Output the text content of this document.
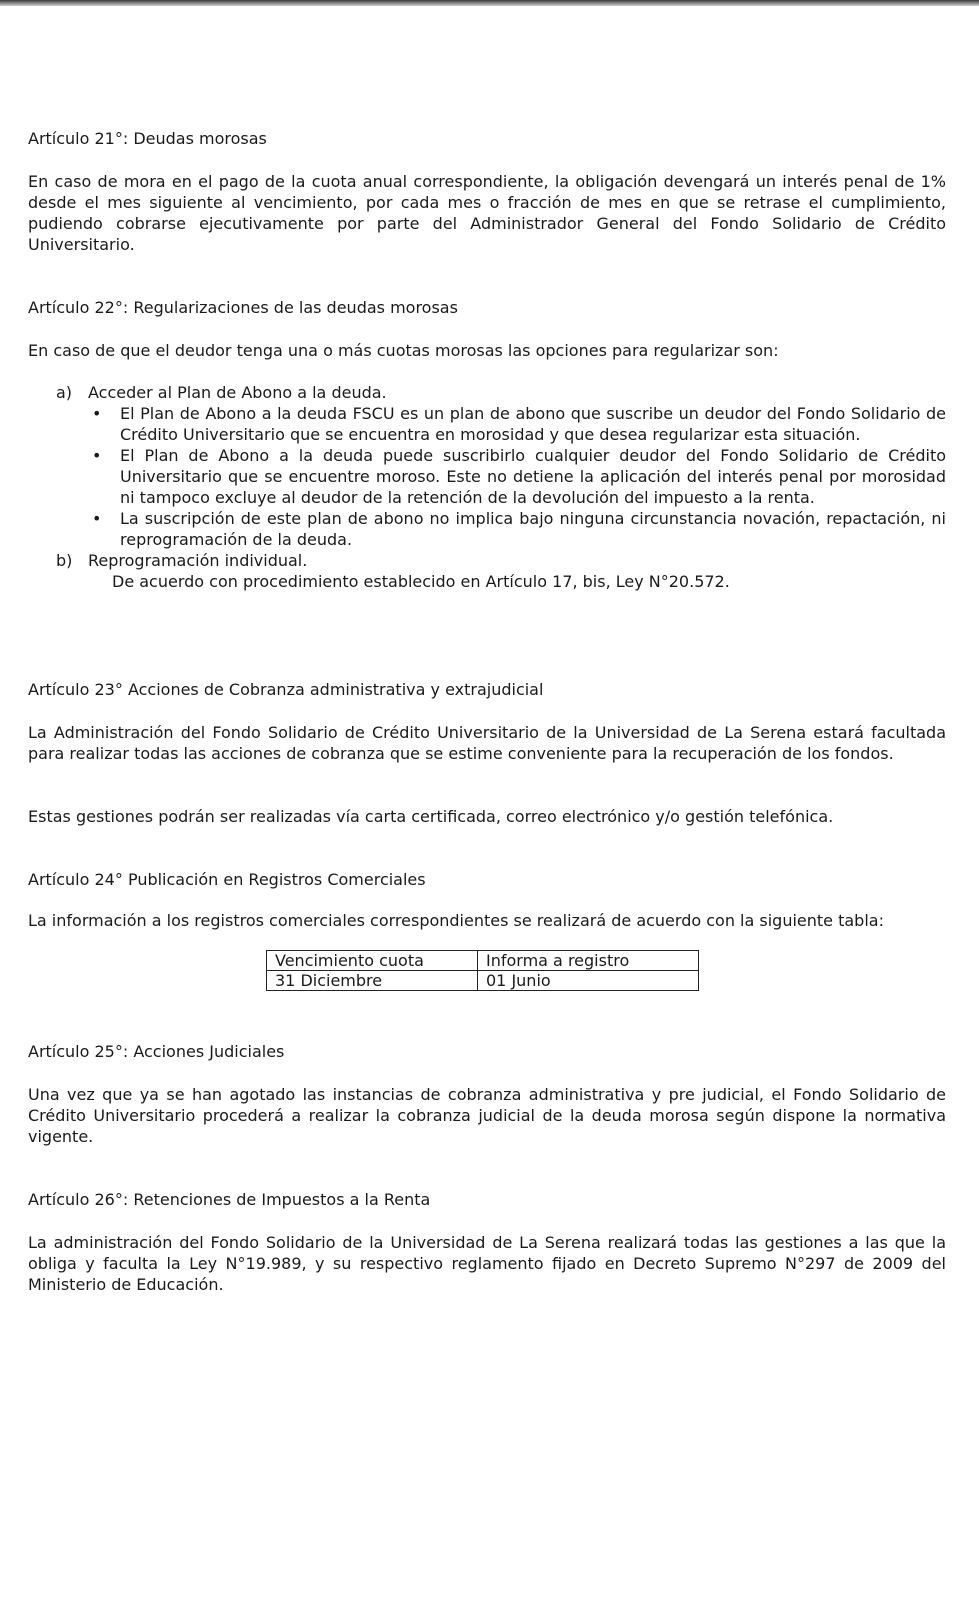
Artículo 21°: Deudas morosas
En caso de mora en el pago de la cuota anual correspondiente, la obligación devengará un interés penal de 1% desde el mes siguiente al vencimiento, por cada mes o fracción de mes en que se retrase el cumplimiento, pudiendo cobrarse ejecutivamente por parte del Administrador General del Fondo Solidario de Crédito Universitario.
Artículo 22°: Regularizaciones de las deudas morosas
En caso de que el deudor tenga una o más cuotas morosas las opciones para regularizar son:
a) Acceder al Plan de Abono a la deuda.
• El Plan de Abono a la deuda FSCU es un plan de abono que suscribe un deudor del Fondo Solidario de Crédito Universitario que se encuentra en morosidad y que desea regularizar esta situación.
• El Plan de Abono a la deuda puede suscribirlo cualquier deudor del Fondo Solidario de Crédito Universitario que se encuentre moroso. Este no detiene la aplicación del interés penal por morosidad ni tampoco excluye al deudor de la retención de la devolución del impuesto a la renta.
• La suscripción de este plan de abono no implica bajo ninguna circunstancia novación, repactación, ni reprogramación de la deuda.
b) Reprogramación individual.
De acuerdo con procedimiento establecido en Artículo 17, bis, Ley N°20.572.
Artículo 23° Acciones de Cobranza administrativa y extrajudicial
La Administración del Fondo Solidario de Crédito Universitario de la Universidad de La Serena estará facultada para realizar todas las acciones de cobranza que se estime conveniente para la recuperación de los fondos.
Estas gestiones podrán ser realizadas vía carta certificada, correo electrónico y/o gestión telefónica.
Artículo 24° Publicación en Registros Comerciales
La información a los registros comerciales correspondientes se realizará de acuerdo con la siguiente tabla:
Vencimiento cuota	Informa a registro
31 Diciembre	01 Junio
Artículo 25°: Acciones Judiciales
Una vez que ya se han agotado las instancias de cobranza administrativa y pre judicial, el Fondo Solidario de Crédito Universitario procederá a realizar la cobranza judicial de la deuda morosa según dispone la normativa vigente.
Artículo 26°: Retenciones de Impuestos a la Renta
La administración del Fondo Solidario de la Universidad de La Serena realizará todas las gestiones a las que la obliga y faculta la Ley N°19.989, y su respectivo reglamento fijado en Decreto Supremo N°297 de 2009 del Ministerio de Educación.
